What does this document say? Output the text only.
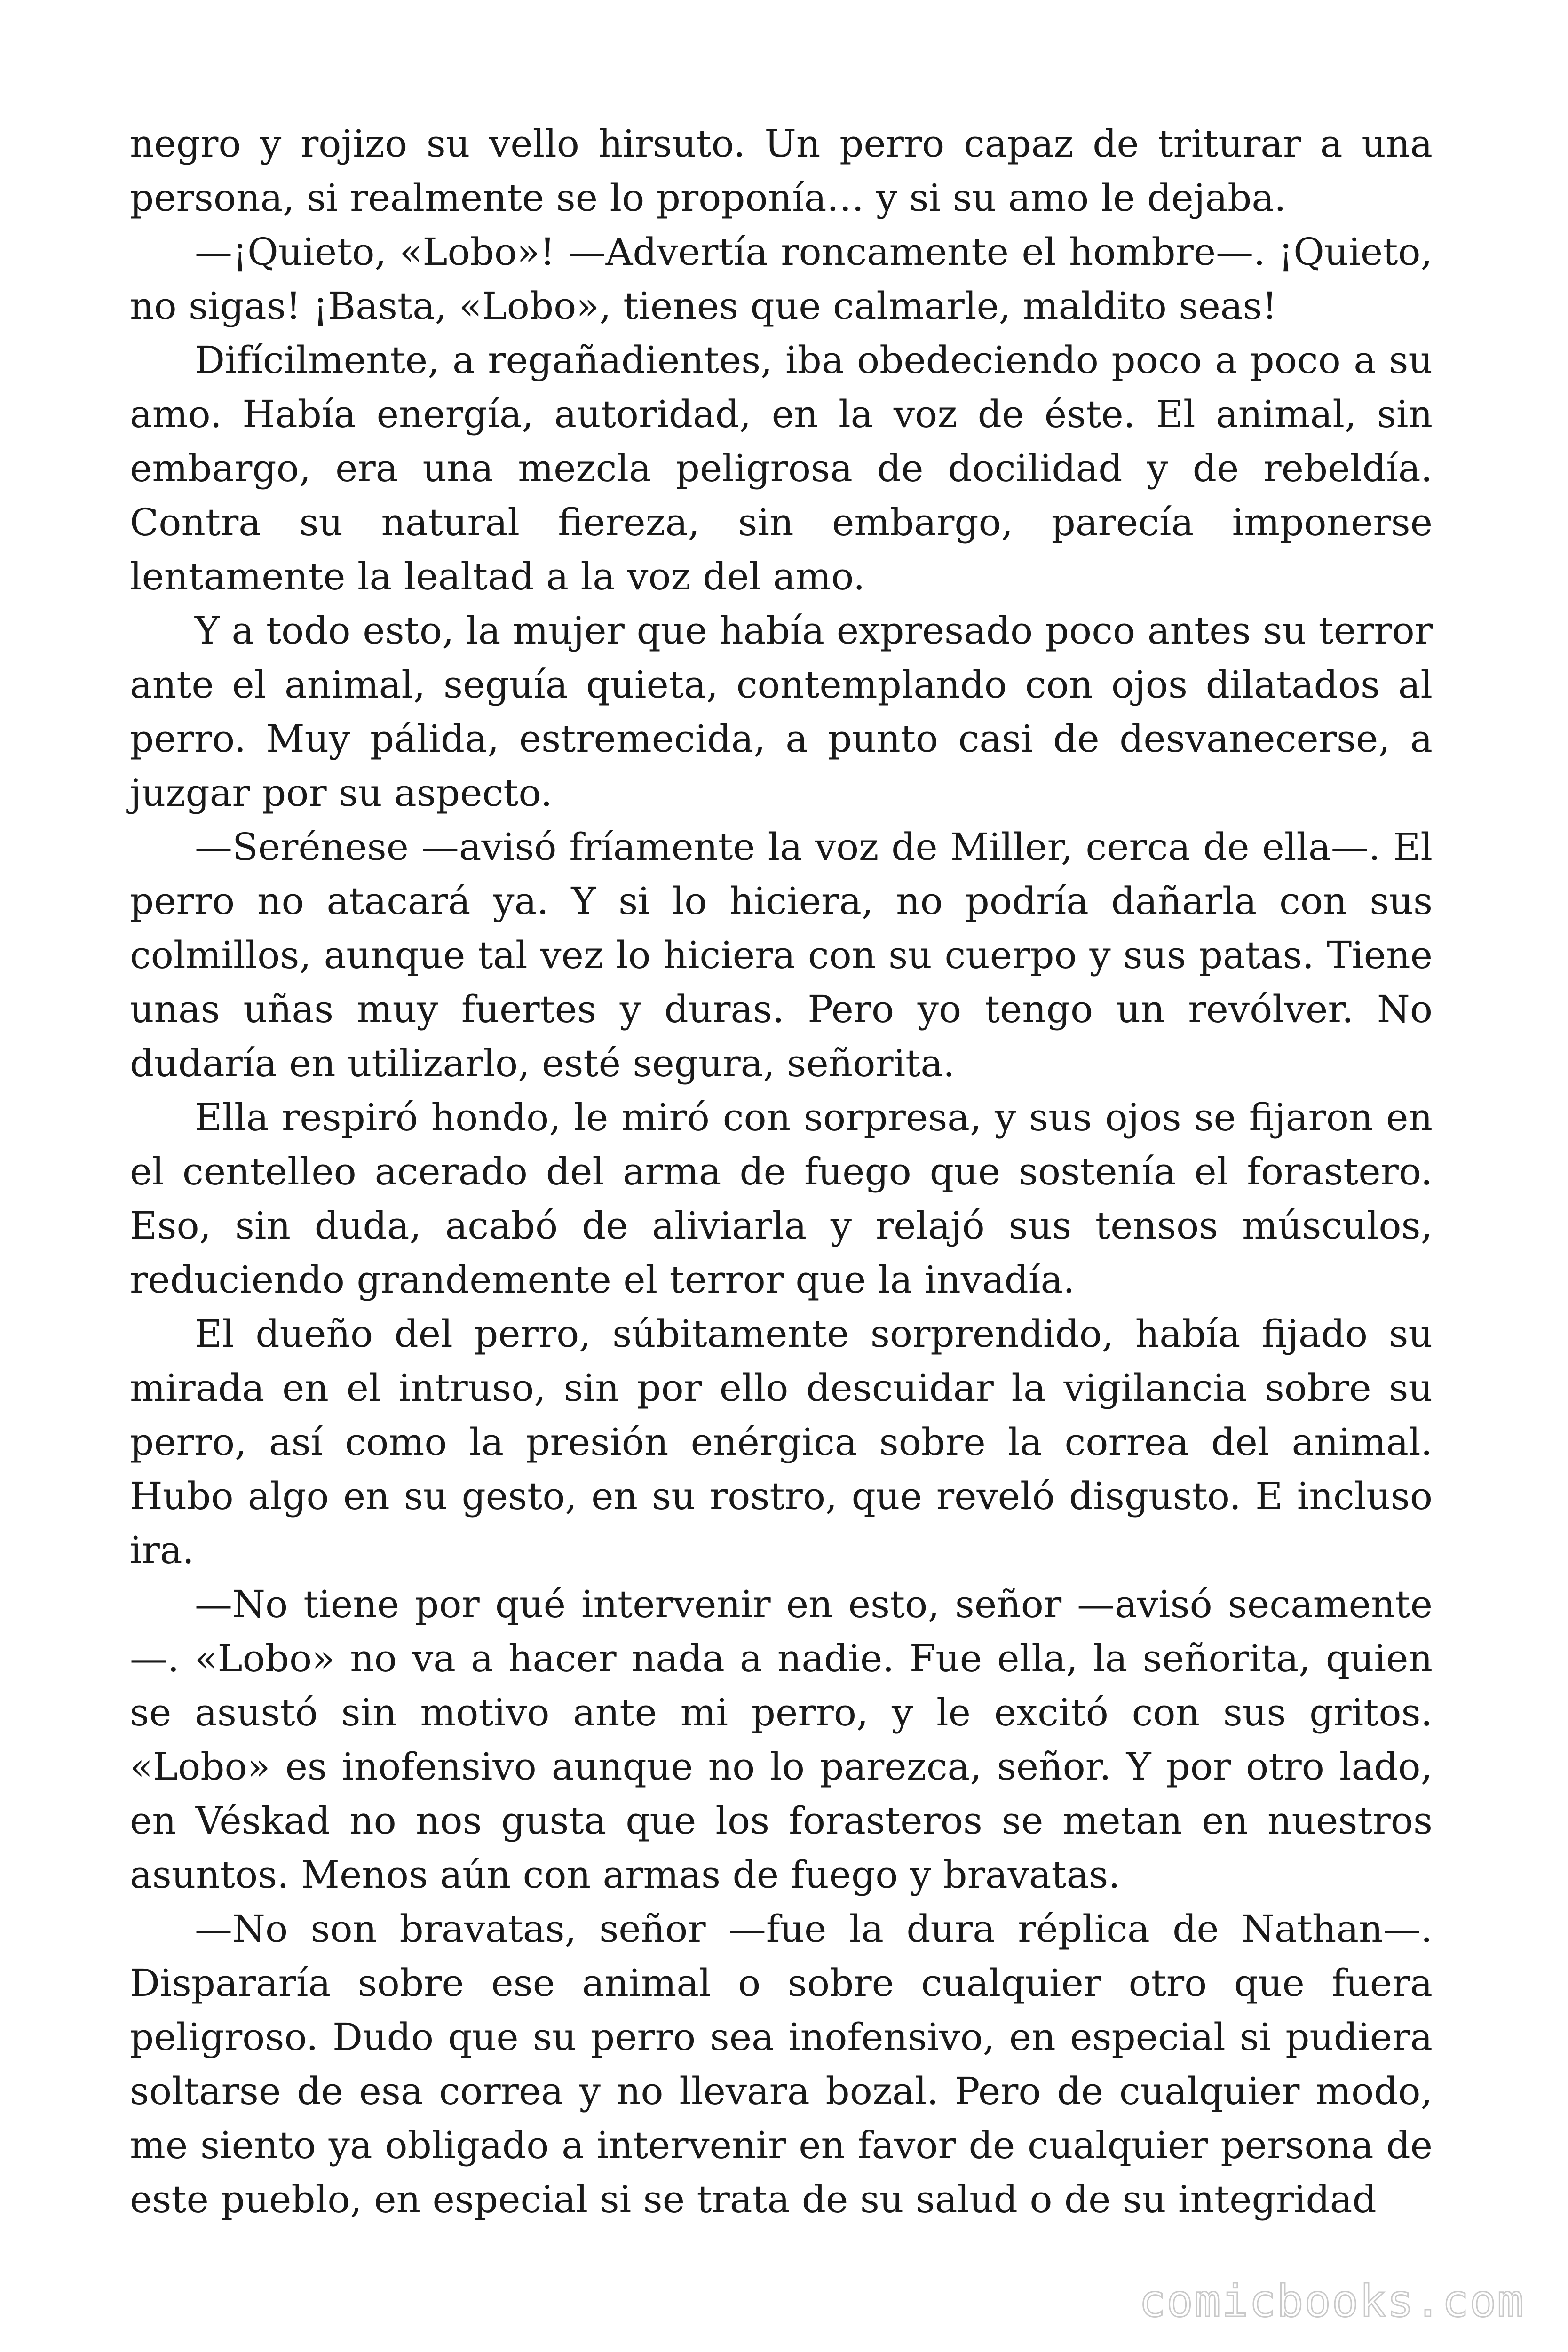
negro y rojizo su vello hirsuto. Un perro capaz de triturar a una persona, si realmente se lo proponía… y si su amo le dejaba.

—¡Quieto, «Lobo»! —Advertía roncamente el hombre—. ¡Quieto, no sigas! ¡Basta, «Lobo», tienes que calmarle, maldito seas!

Difícilmente, a regañadientes, iba obedeciendo poco a poco a su amo. Había energía, autoridad, en la voz de éste. El animal, sin embargo, era una mezcla peligrosa de docilidad y de rebeldía. Contra su natural fiereza, sin embargo, parecía imponerse lentamente la lealtad a la voz del amo.

Y a todo esto, la mujer que había expresado poco antes su terror ante el animal, seguía quieta, contemplando con ojos dilatados al perro. Muy pálida, estremecida, a punto casi de desvanecerse, a juzgar por su aspecto.

—Serénese —avisó fríamente la voz de Miller, cerca de ella—. El perro no atacará ya. Y si lo hiciera, no podría dañarla con sus colmillos, aunque tal vez lo hiciera con su cuerpo y sus patas. Tiene unas uñas muy fuertes y duras. Pero yo tengo un revólver. No dudaría en utilizarlo, esté segura, señorita.

Ella respiró hondo, le miró con sorpresa, y sus ojos se fijaron en el centelleo acerado del arma de fuego que sostenía el forastero. Eso, sin duda, acabó de aliviarla y relajó sus tensos músculos, reduciendo grandemente el terror que la invadía.

El dueño del perro, súbitamente sorprendido, había fijado su mirada en el intruso, sin por ello descuidar la vigilancia sobre su perro, así como la presión enérgica sobre la correa del animal. Hubo algo en su gesto, en su rostro, que reveló disgusto. E incluso ira.

—No tiene por qué intervenir en esto, señor —avisó secamente —. «Lobo» no va a hacer nada a nadie. Fue ella, la señorita, quien se asustó sin motivo ante mi perro, y le excitó con sus gritos. «Lobo» es inofensivo aunque no lo parezca, señor. Y por otro lado, en Véskad no nos gusta que los forasteros se metan en nuestros asuntos. Menos aún con armas de fuego y bravatas.

—No son bravatas, señor —fue la dura réplica de Nathan—. Dispararía sobre ese animal o sobre cualquier otro que fuera peligroso. Dudo que su perro sea inofensivo, en especial si pudiera soltarse de esa correa y no llevara bozal. Pero de cualquier modo, me siento ya obligado a intervenir en favor de cualquier persona de este pueblo, en especial si se trata de su salud o de su integridad

comicbooks.com
